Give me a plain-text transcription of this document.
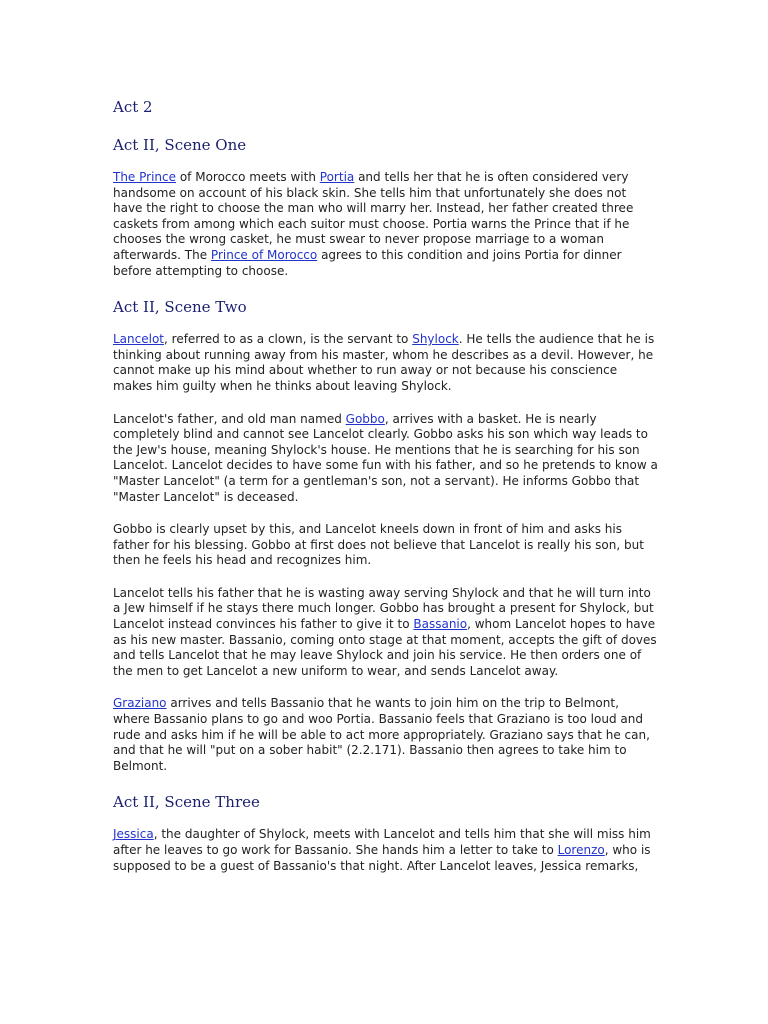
Act 2
Act II, Scene One

The Prince of Morocco meets with Portia and tells her that he is often considered very handsome on account of his black skin. She tells him that unfortunately she does not have the right to choose the man who will marry her. Instead, her father created three caskets from among which each suitor must choose. Portia warns the Prince that if he chooses the wrong casket, he must swear to never propose marriage to a woman afterwards. The Prince of Morocco agrees to this condition and joins Portia for dinner before attempting to choose.

Act II, Scene Two

Lancelot, referred to as a clown, is the servant to Shylock. He tells the audience that he is thinking about running away from his master, whom he describes as a devil. However, he cannot make up his mind about whether to run away or not because his conscience makes him guilty when he thinks about leaving Shylock.

Lancelot's father, and old man named Gobbo, arrives with a basket. He is nearly completely blind and cannot see Lancelot clearly. Gobbo asks his son which way leads to the Jew's house, meaning Shylock's house. He mentions that he is searching for his son Lancelot. Lancelot decides to have some fun with his father, and so he pretends to know a "Master Lancelot" (a term for a gentleman's son, not a servant). He informs Gobbo that "Master Lancelot" is deceased.

Gobbo is clearly upset by this, and Lancelot kneels down in front of him and asks his father for his blessing. Gobbo at first does not believe that Lancelot is really his son, but then he feels his head and recognizes him.

Lancelot tells his father that he is wasting away serving Shylock and that he will turn into a Jew himself if he stays there much longer. Gobbo has brought a present for Shylock, but Lancelot instead convinces his father to give it to Bassanio, whom Lancelot hopes to have as his new master. Bassanio, coming onto stage at that moment, accepts the gift of doves and tells Lancelot that he may leave Shylock and join his service. He then orders one of the men to get Lancelot a new uniform to wear, and sends Lancelot away.

Graziano arrives and tells Bassanio that he wants to join him on the trip to Belmont, where Bassanio plans to go and woo Portia. Bassanio feels that Graziano is too loud and rude and asks him if he will be able to act more appropriately. Graziano says that he can, and that he will "put on a sober habit" (2.2.171). Bassanio then agrees to take him to Belmont.

Act II, Scene Three

Jessica, the daughter of Shylock, meets with Lancelot and tells him that she will miss him after he leaves to go work for Bassanio. She hands him a letter to take to Lorenzo, who is supposed to be a guest of Bassanio's that night. After Lancelot leaves, Jessica remarks,
